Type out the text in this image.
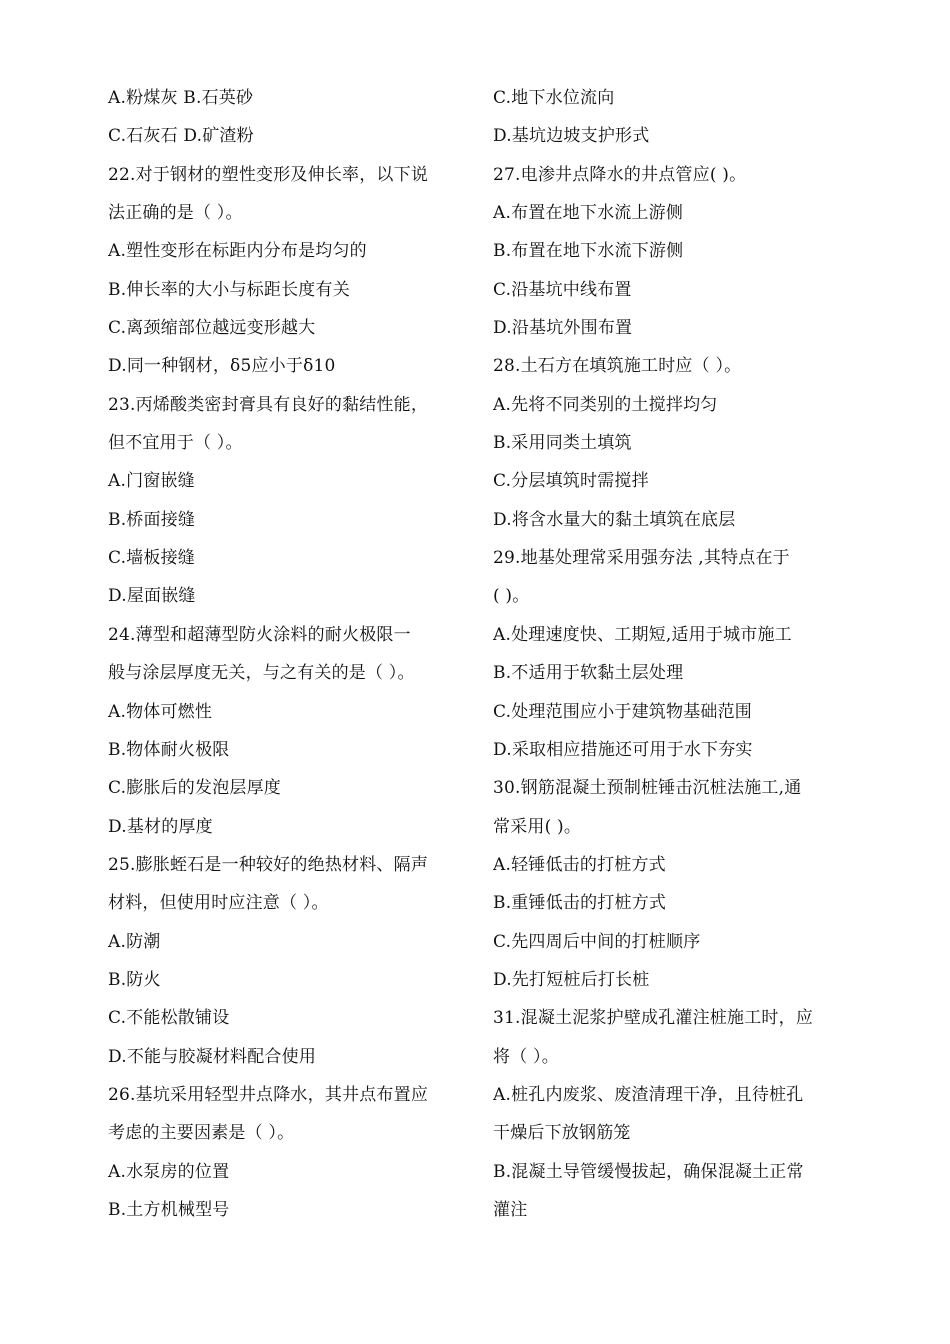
A.粉煤灰 B.石英砂
C.石灰石 D.矿渣粉
22.对于钢材的塑性变形及伸长率，以下说
法正确的是（ ）。
A.塑性变形在标距内分布是均匀的
B.伸长率的大小与标距长度有关
C.离颈缩部位越远变形越大
D.同一种钢材，δ5应小于δ10
23.丙烯酸类密封膏具有良好的黏结性能，
但不宜用于（ ）。
A.门窗嵌缝
B.桥面接缝
C.墙板接缝
D.屋面嵌缝
24.薄型和超薄型防火涂料的耐火极限一
般与涂层厚度无关，与之有关的是（ ）。
A.物体可燃性
B.物体耐火极限
C.膨胀后的发泡层厚度
D.基材的厚度
25.膨胀蛭石是一种较好的绝热材料、隔声
材料，但使用时应注意（ ）。
A.防潮
B.防火
C.不能松散铺设
D.不能与胶凝材料配合使用
26.基坑采用轻型井点降水，其井点布置应
考虑的主要因素是（ ）。
A.水泵房的位置
B.土方机械型号
C.地下水位流向
D.基坑边坡支护形式
27.电渗井点降水的井点管应( )。
A.布置在地下水流上游侧
B.布置在地下水流下游侧
C.沿基坑中线布置
D.沿基坑外围布置
28.土石方在填筑施工时应（ ）。
A.先将不同类别的土搅拌均匀
B.采用同类土填筑
C.分层填筑时需搅拌
D.将含水量大的黏土填筑在底层
29.地基处理常采用强夯法 ,其特点在于
( )。
A.处理速度快、工期短,适用于城市施工
B.不适用于软黏土层处理
C.处理范围应小于建筑物基础范围
D.采取相应措施还可用于水下夯实
30.钢筋混凝土预制桩锤击沉桩法施工,通
常采用( )。
A.轻锤低击的打桩方式
B.重锤低击的打桩方式
C.先四周后中间的打桩顺序
D.先打短桩后打长桩
31.混凝土泥浆护壁成孔灌注桩施工时，应
将（ ）。
A.桩孔内废浆、废渣清理干净，且待桩孔
干燥后下放钢筋笼
B.混凝土导管缓慢拔起，确保混凝土正常
灌注
